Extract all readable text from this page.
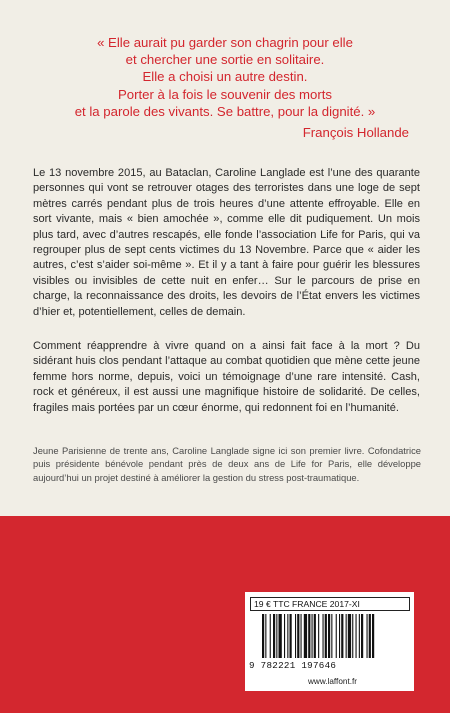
« Elle aurait pu garder son chagrin pour elle
et chercher une sortie en solitaire.
Elle a choisi un autre destin.
Porter à la fois le souvenir des morts
et la parole des vivants. Se battre, pour la dignité. »

François Hollande

Le 13 novembre 2015, au Bataclan, Caroline Langlade est l’une des quarante personnes qui vont se retrouver otages des terroristes dans une loge de sept mètres carrés pendant plus de trois heures d’une attente effroyable. Elle en sort vivante, mais « bien amochée », comme elle dit pudiquement. Un mois plus tard, avec d’autres rescapés, elle fonde l’association Life for Paris, qui va regrouper plus de sept cents victimes du 13 Novembre. Parce que « aider les autres, c’est s’aider soi-même ». Et il y a tant à faire pour guérir les blessures visibles ou invisibles de cette nuit en enfer… Sur le parcours de prise en charge, la reconnaissance des droits, les devoirs de l’État envers les victimes d’hier et, potentiellement, celles de demain.

Comment réapprendre à vivre quand on a ainsi fait face à la mort ? Du sidérant huis clos pendant l’attaque au combat quotidien que mène cette jeune femme hors norme, depuis, voici un témoignage d’une rare intensité. Cash, rock et généreux, il est aussi une magnifique histoire de solidarité. De celles, fragiles mais portées par un cœur énorme, qui redonnent foi en l’humanité.

Jeune Parisienne de trente ans, Caroline Langlade signe ici son premier livre. Cofondatrice puis présidente bénévole pendant près de deux ans de Life for Paris, elle développe aujourd’hui un projet destiné à améliorer la gestion du stress post-traumatique.

19 € TTC FRANCE 2017-XI
9 782221 197646
www.laffont.fr
